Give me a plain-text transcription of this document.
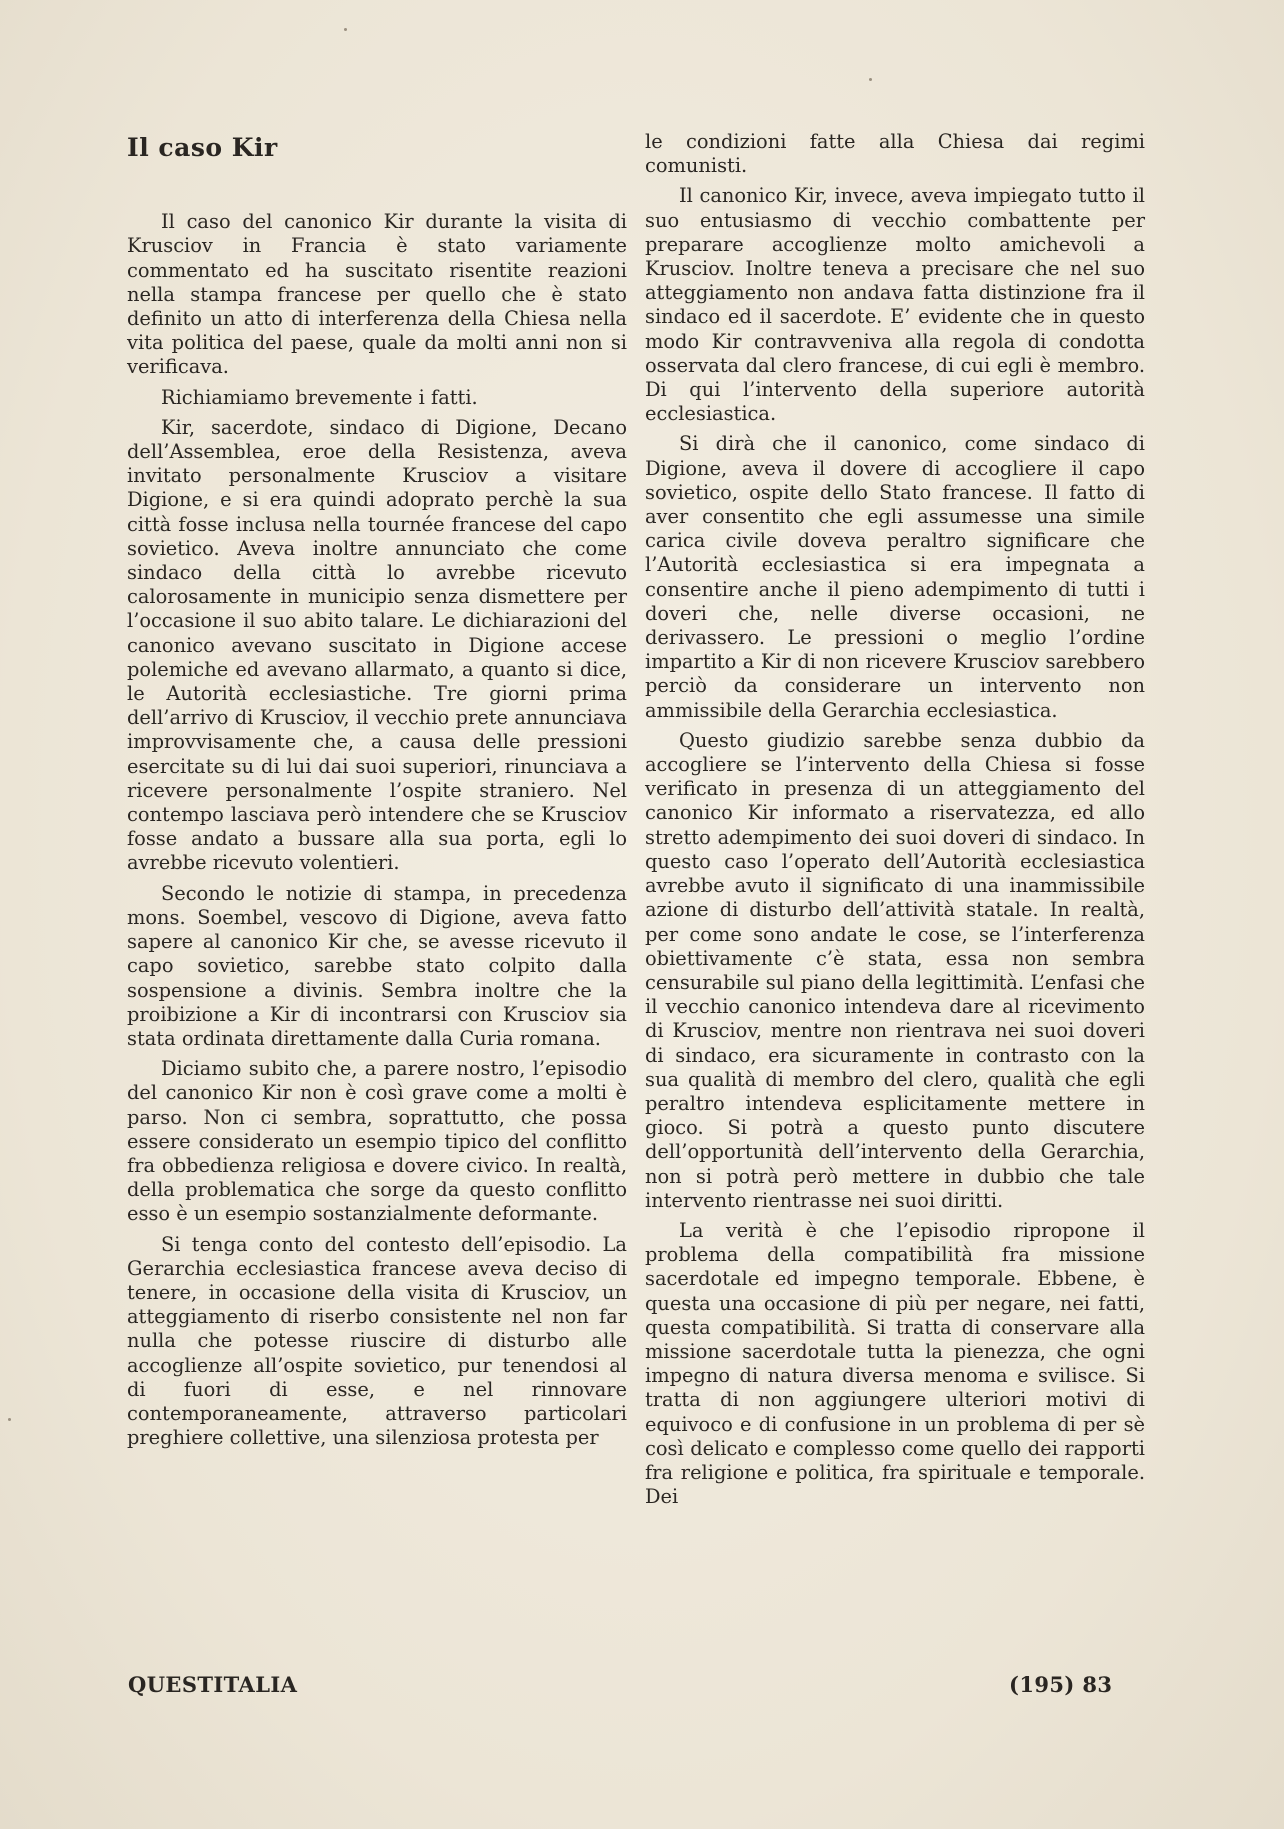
Il caso Kir

Il caso del canonico Kir durante la visita di Krusciov in Francia è stato variamente commentato ed ha suscitato risentite reazioni nella stampa francese per quello che è stato definito un atto di interferenza della Chiesa nella vita politica del paese, quale da molti anni non si verificava.

Richiamiamo brevemente i fatti.

Kir, sacerdote, sindaco di Digione, Decano dell’Assemblea, eroe della Resistenza, aveva invitato personalmente Krusciov a visitare Digione, e si era quindi adoprato perchè la sua città fosse inclusa nella tournée francese del capo sovietico. Aveva inoltre annunciato che come sindaco della città lo avrebbe ricevuto calorosamente in municipio senza dismettere per l’occasione il suo abito talare. Le dichiarazioni del canonico avevano suscitato in Digione accese polemiche ed avevano allarmato, a quanto si dice, le Autorità ecclesiastiche. Tre giorni prima dell’arrivo di Krusciov, il vecchio prete annunciava improvvisamente che, a causa delle pressioni esercitate su di lui dai suoi superiori, rinunciava a ricevere personalmente l’ospite straniero. Nel contempo lasciava però intendere che se Krusciov fosse andato a bussare alla sua porta, egli lo avrebbe ricevuto volentieri.

Secondo le notizie di stampa, in precedenza mons. Soembel, vescovo di Digione, aveva fatto sapere al canonico Kir che, se avesse ricevuto il capo sovietico, sarebbe stato colpito dalla sospensione a divinis. Sembra inoltre che la proibizione a Kir di incontrarsi con Krusciov sia stata ordinata direttamente dalla Curia romana.

Diciamo subito che, a parere nostro, l’episodio del canonico Kir non è così grave come a molti è parso. Non ci sembra, soprattutto, che possa essere considerato un esempio tipico del conflitto fra obbedienza religiosa e dovere civico. In realtà, della problematica che sorge da questo conflitto esso è un esempio sostanzialmente deformante.

Si tenga conto del contesto dell’episodio. La Gerarchia ecclesiastica francese aveva deciso di tenere, in occasione della visita di Krusciov, un atteggiamento di riserbo consistente nel non far nulla che potesse riuscire di disturbo alle accoglienze all’ospite sovietico, pur tenendosi al di fuori di esse, e nel rinnovare contemporaneamente, attraverso particolari preghiere collettive, una silenziosa protesta per

le condizioni fatte alla Chiesa dai regimi comunisti.

Il canonico Kir, invece, aveva impiegato tutto il suo entusiasmo di vecchio combattente per preparare accoglienze molto amichevoli a Krusciov. Inoltre teneva a precisare che nel suo atteggiamento non andava fatta distinzione fra il sindaco ed il sacerdote. E’ evidente che in questo modo Kir contravveniva alla regola di condotta osservata dal clero francese, di cui egli è membro. Di qui l’intervento della superiore autorità ecclesiastica.

Si dirà che il canonico, come sindaco di Digione, aveva il dovere di accogliere il capo sovietico, ospite dello Stato francese. Il fatto di aver consentito che egli assumesse una simile carica civile doveva peraltro significare che l’Autorità ecclesiastica si era impegnata a consentire anche il pieno adempimento di tutti i doveri che, nelle diverse occasioni, ne derivassero. Le pressioni o meglio l’ordine impartito a Kir di non ricevere Krusciov sarebbero perciò da considerare un intervento non ammissibile della Gerarchia ecclesiastica.

Questo giudizio sarebbe senza dubbio da accogliere se l’intervento della Chiesa si fosse verificato in presenza di un atteggiamento del canonico Kir informato a riservatezza, ed allo stretto adempimento dei suoi doveri di sindaco. In questo caso l’operato dell’Autorità ecclesiastica avrebbe avuto il significato di una inammissibile azione di disturbo dell’attività statale. In realtà, per come sono andate le cose, se l’interferenza obiettivamente c’è stata, essa non sembra censurabile sul piano della legittimità. L’enfasi che il vecchio canonico intendeva dare al ricevimento di Krusciov, mentre non rientrava nei suoi doveri di sindaco, era sicuramente in contrasto con la sua qualità di membro del clero, qualità che egli peraltro intendeva esplicitamente mettere in gioco. Si potrà a questo punto discutere dell’opportunità dell’intervento della Gerarchia, non si potrà però mettere in dubbio che tale intervento rientrasse nei suoi diritti.

La verità è che l’episodio ripropone il problema della compatibilità fra missione sacerdotale ed impegno temporale. Ebbene, è questa una occasione di più per negare, nei fatti, questa compatibilità. Si tratta di conservare alla missione sacerdotale tutta la pienezza, che ogni impegno di natura diversa menoma e svilisce. Si tratta di non aggiungere ulteriori motivi di equivoco e di confusione in un problema di per sè così delicato e complesso come quello dei rapporti fra religione e politica, fra spirituale e temporale. Dei

QUESTITALIA	(195) 83
